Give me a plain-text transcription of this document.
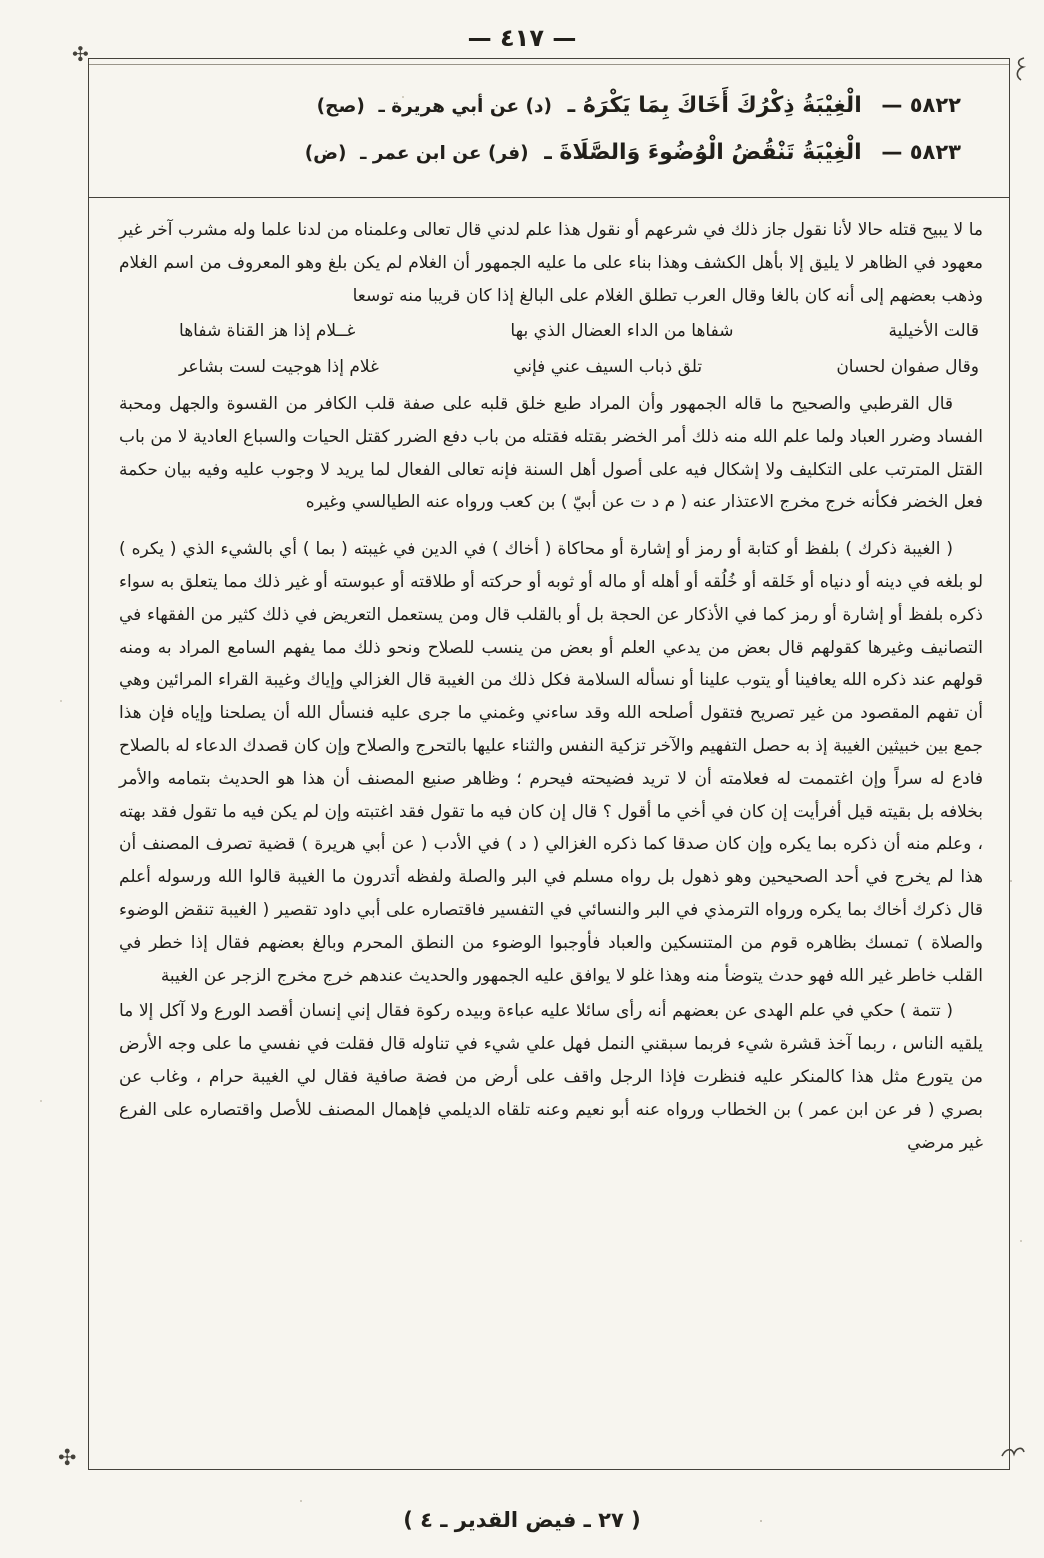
— ٤١٧ —
✣
✣
٥٨٢٢ — الْغِيْبَةُ ذِكْرُكَ أَخَاكَ بِمَا يَكْرَهُ ـ (د) عن أبي هريرة ـ (صح)
٥٨٢٣ — الْغِيْبَةُ تَنْقُضُ الْوُضُوءَ وَالصَّلَاةَ ـ (فر) عن ابن عمر ـ (ض)

ما لا يبيح قتله حالا لأنا نقول جاز ذلك في شرعهم أو نقول هذا علم لدني قال تعالى وعلمناه من لدنا علما وله مشرب آخر غير معهود في الظاهر لا يليق إلا بأهل الكشف وهذا بناء على ما عليه الجمهور أن الغلام لم يكن بلغ وهو المعروف من اسم الغلام وذهب بعضهم إلى أنه كان بالغا وقال العرب تطلق الغلام على البالغ إذا كان قريبا منه توسعا

قالت الأخيلية
شفاها من الداء العضال الذي بها
غــلام إذا هز القناة شفاها
وقال صفوان لحسان
تلق ذباب السيف عني فإني
غلام إذا هوجيت لست بشاعر

قال القرطبي والصحيح ما قاله الجمهور وأن المراد طبع خلق قلبه على صفة قلب الكافر من القسوة والجهل ومحبة الفساد وضرر العباد ولما علم الله منه ذلك أمر الخضر بقتله فقتله من باب دفع الضرر كقتل الحيات والسباع العادية لا من باب القتل المترتب على التكليف ولا إشكال فيه على أصول أهل السنة فإنه تعالى الفعال لما يريد لا وجوب عليه وفيه بيان حكمة فعل الخضر فكأنه خرج مخرج الاعتذار عنه ( م د ت عن أبيّ ) بن كعب ورواه عنه الطيالسي وغيره

( الغيبة ذكرك ) بلفظ أو كتابة أو رمز أو إشارة أو محاكاة ( أخاك ) في الدين في غيبته ( بما ) أي بالشيء الذي ( يكره ) لو بلغه في دينه أو دنياه أو خَلقه أو خُلُقه أو أهله أو ماله أو ثوبه أو حركته أو طلاقته أو عبوسته أو غير ذلك مما يتعلق به سواء ذكره بلفظ أو إشارة أو رمز كما في الأذكار عن الحجة بل أو بالقلب قال ومن يستعمل التعريض في ذلك كثير من الفقهاء في التصانيف وغيرها كقولهم قال بعض من يدعي العلم أو بعض من ينسب للصلاح ونحو ذلك مما يفهم السامع المراد به ومنه قولهم عند ذكره الله يعافينا أو يتوب علينا أو نسأله السلامة فكل ذلك من الغيبة قال الغزالي وإياك وغيبة القراء المرائين وهي أن تفهم المقصود من غير تصريح فتقول أصلحه الله وقد ساءني وغمني ما جرى عليه فنسأل الله أن يصلحنا وإياه فإن هذا جمع بين خبيثين الغيبة إذ به حصل التفهيم والآخر تزكية النفس والثناء عليها بالتحرج والصلاح وإن كان قصدك الدعاء له بالصلاح فادع له سراً وإن اغتممت له فعلامته أن لا تريد فضيحته فيحرم ؛ وظاهر صنيع المصنف أن هذا هو الحديث بتمامه والأمر بخلافه بل بقيته قيل أفرأيت إن كان في أخي ما أقول ؟ قال إن كان فيه ما تقول فقد اغتبته وإن لم يكن فيه ما تقول فقد بهته ، وعلم منه أن ذكره بما يكره وإن كان صدقا كما ذكره الغزالي ( د ) في الأدب ( عن أبي هريرة ) قضية تصرف المصنف أن هذا لم يخرج في أحد الصحيحين وهو ذهول بل رواه مسلم في البر والصلة ولفظه أتدرون ما الغيبة قالوا الله ورسوله أعلم قال ذكرك أخاك بما يكره ورواه الترمذي في البر والنسائي في التفسير فاقتصاره على أبي داود تقصير ( الغيبة تنقض الوضوء والصلاة ) تمسك بظاهره قوم من المتنسكين والعباد فأوجبوا الوضوء من النطق المحرم وبالغ بعضهم فقال إذا خطر في القلب خاطر غير الله فهو حدث يتوضأ منه وهذا غلو لا يوافق عليه الجمهور والحديث عندهم خرج مخرج الزجر عن الغيبة

( تتمة ) حكي في علم الهدى عن بعضهم أنه رأى سائلا عليه عباءة وبيده ركوة فقال إني إنسان أقصد الورع ولا آكل إلا ما يلقيه الناس ، ربما آخذ قشرة شيء فربما سبقني النمل فهل علي شيء في تناوله قال فقلت في نفسي ما على وجه الأرض من يتورع مثل هذا كالمنكر عليه فنظرت فإذا الرجل واقف على أرض من فضة صافية فقال لي الغيبة حرام ، وغاب عن بصري ( فر عن ابن عمر ) بن الخطاب ورواه عنه أبو نعيم وعنه تلقاه الديلمي فإهمال المصنف للأصل واقتصاره على الفرع غير مرضي

( ٢٧ ـ فيض القدير ـ ٤ )
